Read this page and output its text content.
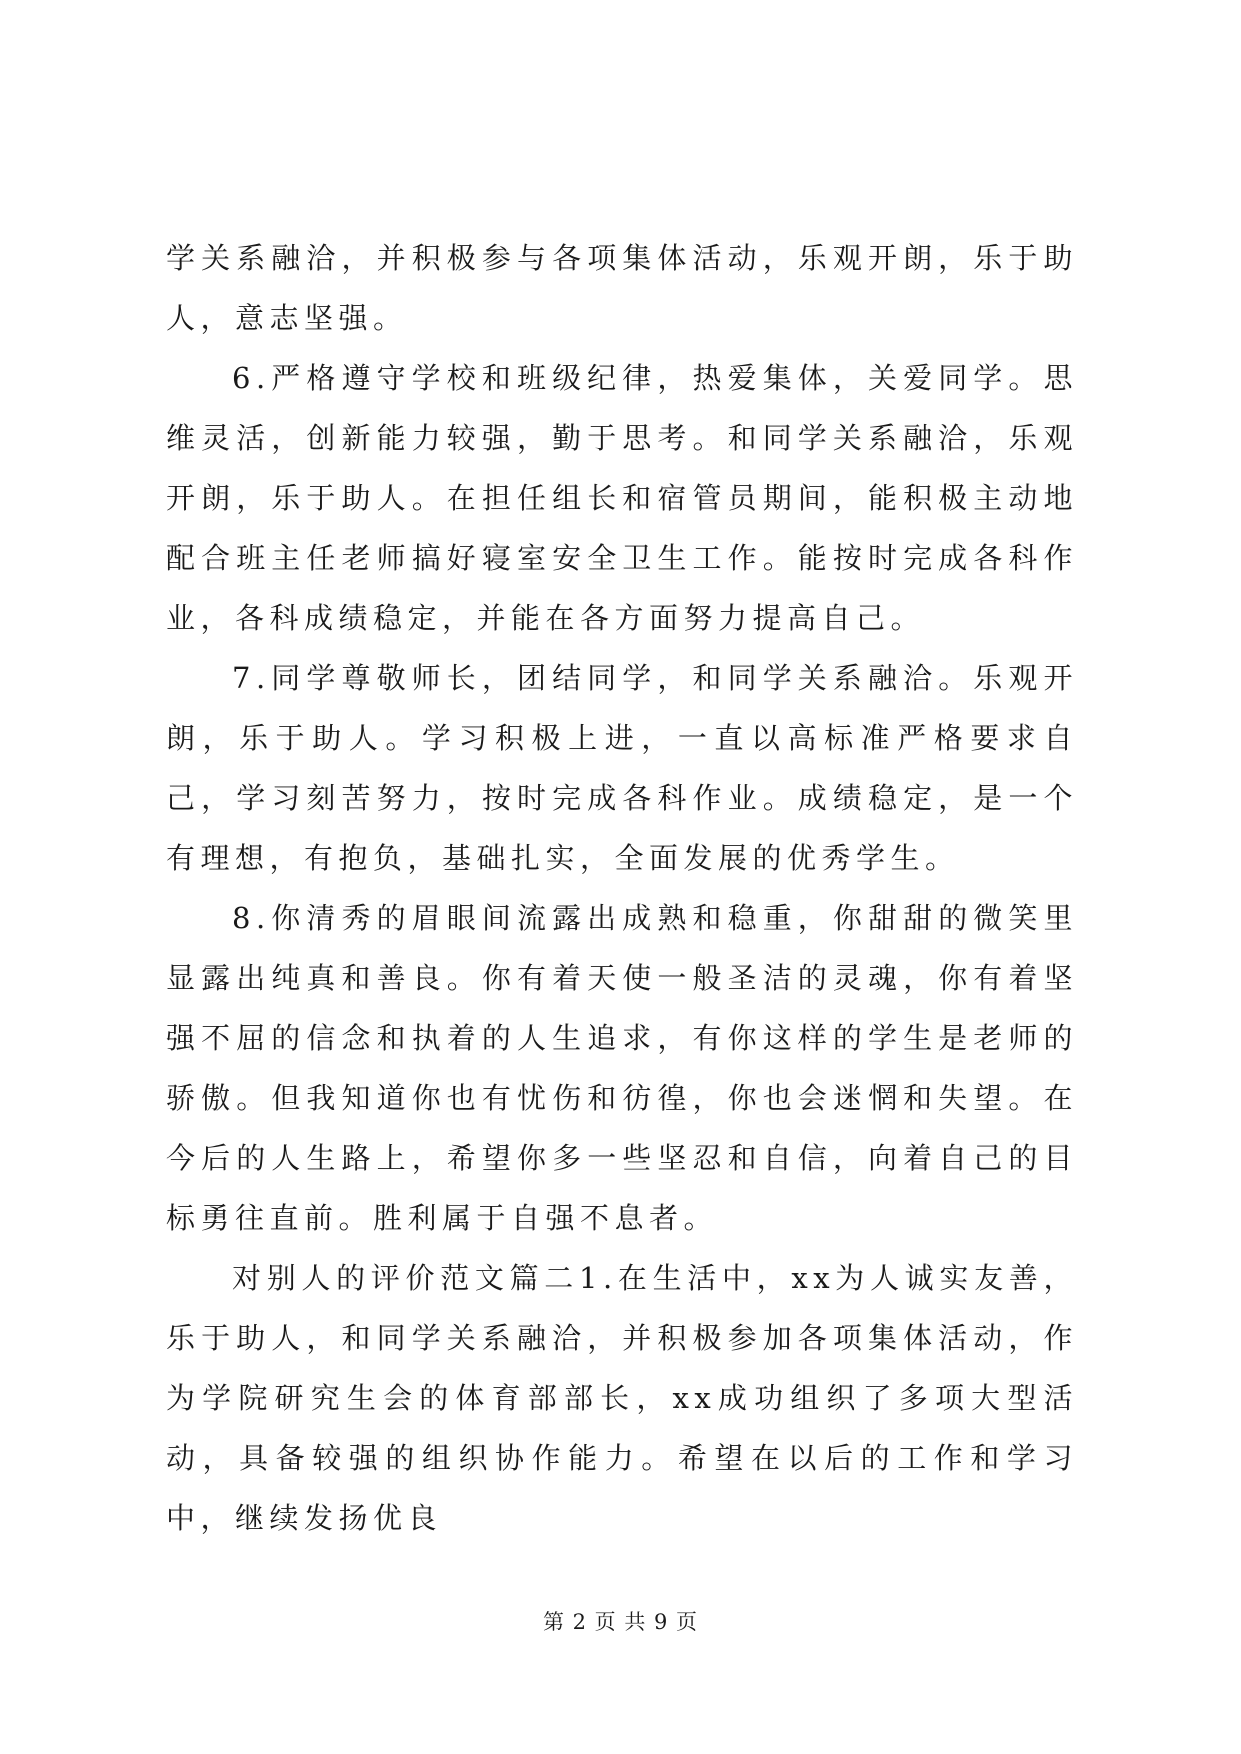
学关系融洽，并积极参与各项集体活动，乐观开朗，乐于助人，意志坚强。

6.严格遵守学校和班级纪律，热爱集体，关爱同学。思维灵活，创新能力较强，勤于思考。和同学关系融洽，乐观开朗，乐于助人。在担任组长和宿管员期间，能积极主动地配合班主任老师搞好寝室安全卫生工作。能按时完成各科作业，各科成绩稳定，并能在各方面努力提高自己。

7.同学尊敬师长，团结同学，和同学关系融洽。乐观开朗，乐于助人。学习积极上进，一直以高标准严格要求自己，学习刻苦努力，按时完成各科作业。成绩稳定，是一个有理想，有抱负，基础扎实，全面发展的优秀学生。

8.你清秀的眉眼间流露出成熟和稳重，你甜甜的微笑里显露出纯真和善良。你有着天使一般圣洁的灵魂，你有着坚强不屈的信念和执着的人生追求，有你这样的学生是老师的骄傲。但我知道你也有忧伤和彷徨，你也会迷惘和失望。在今后的人生路上，希望你多一些坚忍和自信，向着自己的目标勇往直前。胜利属于自强不息者。

对别人的评价范文篇二1.在生活中，xx为人诚实友善，乐于助人，和同学关系融洽，并积极参加各项集体活动，作为学院研究生会的体育部部长，xx成功组织了多项大型活动，具备较强的组织协作能力。希望在以后的工作和学习中，继续发扬优良

第 2 页 共 9 页
